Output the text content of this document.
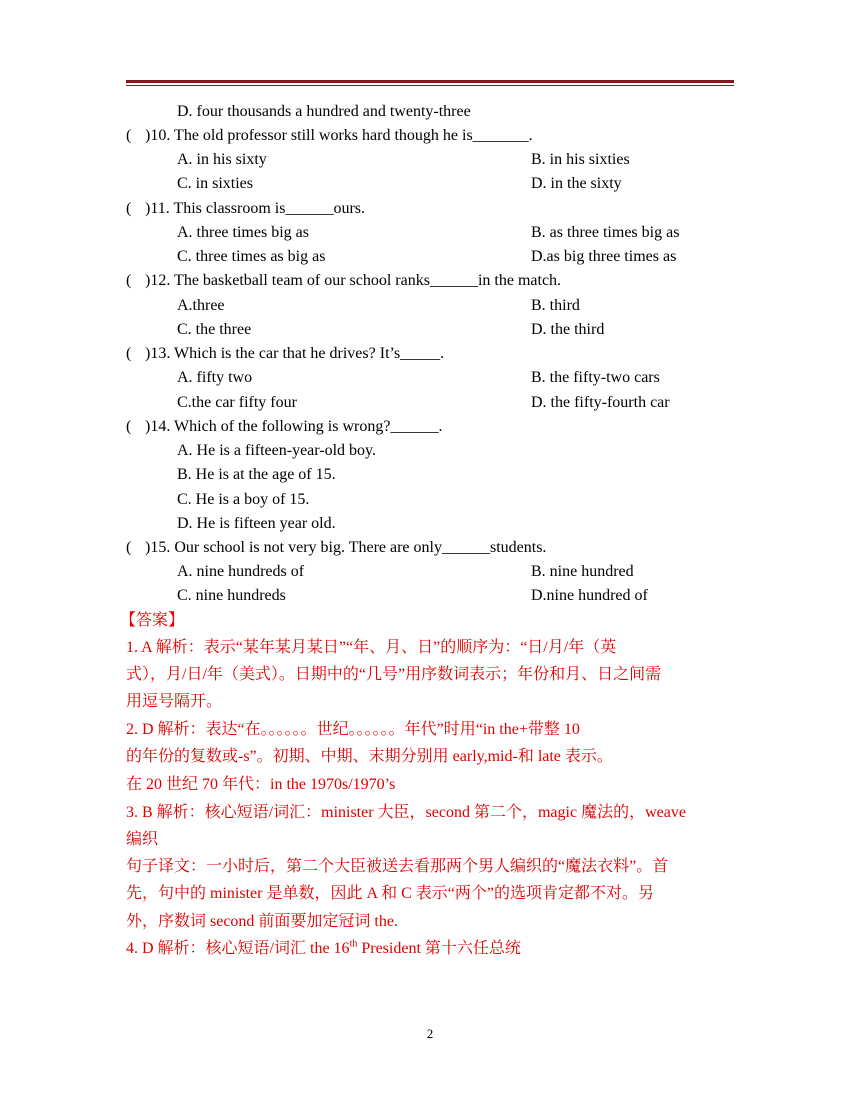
D. four thousands a hundred and twenty-three
( )10. The old professor still works hard though he is_______.
A. in his sixty	B. in his sixties
C. in sixties	D. in the sixty
( )11. This classroom is______ours.
A. three times big as	B. as three times big as
C. three times as big as	D.as big three times as
( )12. The basketball team of our school ranks______in the match.
A.three	B. third
C. the three	D. the third
( )13. Which is the car that he drives? It’s_____.
A. fifty two	B. the fifty-two cars
C.the car fifty four	D. the fifty-fourth car
( )14. Which of the following is wrong?______.
A. He is a fifteen-year-old boy.
B. He is at the age of 15.
C. He is a boy of 15.
D. He is fifteen year old.
( )15. Our school is not very big. There are only______students.
A. nine hundreds of	B. nine hundred
C. nine hundreds	D.nine hundred of
【答案】
1. A 解析：表示“某年某月某日”“年、月、日”的顺序为：“日/月/年（英
式），月/日/年（美式）。日期中的“几号”用序数词表示；年份和月、日之间需
用逗号隔开。
2. D 解析：表达“在。。。。。。世纪。。。。。。年代”时用“in the+带整 10
的年份的复数或-s”。初期、中期、末期分别用 early,mid-和 late 表示。
在 20 世纪 70 年代：in the 1970s/1970’s
3. B 解析：核心短语/词汇：minister 大臣，second 第二个，magic 魔法的，weave
编织
句子译文：一小时后，第二个大臣被送去看那两个男人编织的“魔法衣料”。首
先，句中的 minister 是单数，因此 A 和 C 表示“两个”的选项肯定都不对。另
外，序数词 second 前面要加定冠词 the.
4. D 解析：核心短语/词汇 the 16th President 第十六任总统
2
